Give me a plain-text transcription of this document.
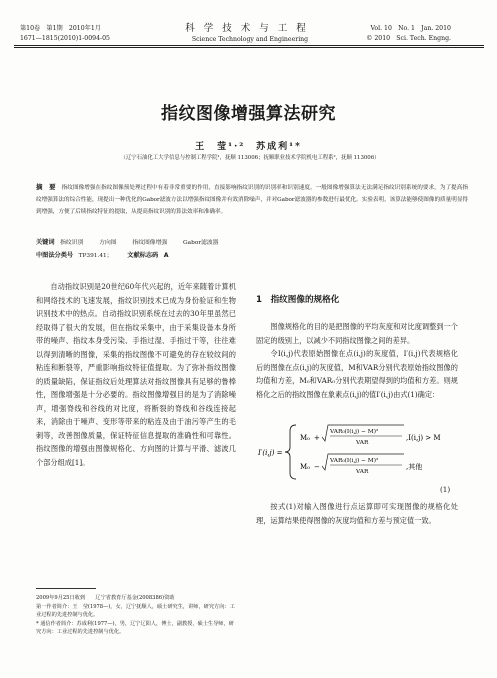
第10卷　第1期　2010年1月
1671—1815(2010)1-0094-05
科学技术与工程
Science Technology and Engineering
Vol. 10　No. 1　Jan. 2010
© 2010　Sci. Tech. Engng.
指纹图像增强算法研究
王　莹¹·²　苏成利¹*
（辽宁石油化工大学信息与控制工程学院¹，抚顺 113006；抚顺职业技术学院机电工程系²，抚顺 113006）
摘　要 指纹图像增强在指纹图像预处理过程中有着非常重要的作用，直接影响指纹识别的识别率和识别速度。一般图像增强算法无法满足指纹识别系统的要求，为了提高指纹增强算法的综合性能，现提出一种优化的Gabor滤波方法以增强指纹图像并有效消除噪声，并对Gabor滤波器的参数进行最优化。实验表明，该算法能够使图像的质量明显得到增强，方便了后续指纹特征的提取，从提高指纹识别的算法效率和准确率。
关键词 指纹识别	方向图	指纹图像增强	Gabor滤波器
中图法分类号 TP391.41； 文献标志码 A

自动指纹识别是20世纪60年代兴起的，近年来随着计算机和网络技术的飞速发展，指纹识别技术已成为身份验证和生物识别技术中的热点。自动指纹识别系统在过去的30年里虽然已经取得了很大的发展，但在指纹采集中，由于采集设备本身所带的噪声、指纹本身受污染、手指过湿、手指过干等，往往难以得到清晰的图像，采集的指纹图像不可避免的存在较纹间的粘连和断裂等，严重影响指纹特征值提取。为了弥补指纹图像的质量缺陷，保证指纹后处理算法对指纹图像具有足够的鲁棒性，图像增强是十分必要的。指纹图像增强目的是为了消除噪声，增强脊线和谷线的对比度，将断裂的脊线和谷线连接起来，消除由于噪声、变形等带来的粘连及由于油污等产生的毛刺等，改善图像质量，保证特征信息提取的准确性和可靠性。指纹图像的增强由图像规格化、方向图的计算与平滑、滤波几个部分组成[1]。

2009年9月25日收到　　辽宁省教育厅基金(2008386)资助

第一作者简介：王　莹(1978—)，女，辽宁抚顺人，硕士研究生，讲师，研究方向：工业过程的先进控制与优化。

* 通信作者简介：苏成利(1977—)，男，辽宁辽阳人，博士，副教授，硕士生导师，研究方向：工业过程的先进控制与优化。

1　指纹图像的规格化

图像规格化的目的是把图像的平均灰度和对比度调整到一个固定的级别上，以减少不同指纹图像之间的差异。

令I(i,j)代表原始图像在点(i,j)的灰度值，I′(i,j)代表规格化后的图像在点(i,j)的灰度值，M和VAR分别代表原始指纹图像的均值和方差，M₀和VAR₀分别代表期望得到的均值和方差。则规格化之后的指纹图像在象素点(i,j)的值I′(i,j)由式(1)确定：

I′(i,j) =
M₀ +
VAR₀(I(i,j) − M)²
VAR
,I(i,j) > M
M₀ −
VAR₀(I(i,j) − M)²
VAR
,其他
(1)

按式(1)对输入图像进行点运算即可实现图像的规格化处理，运算结果使得图像的灰度均值和方差与预定值一致。
